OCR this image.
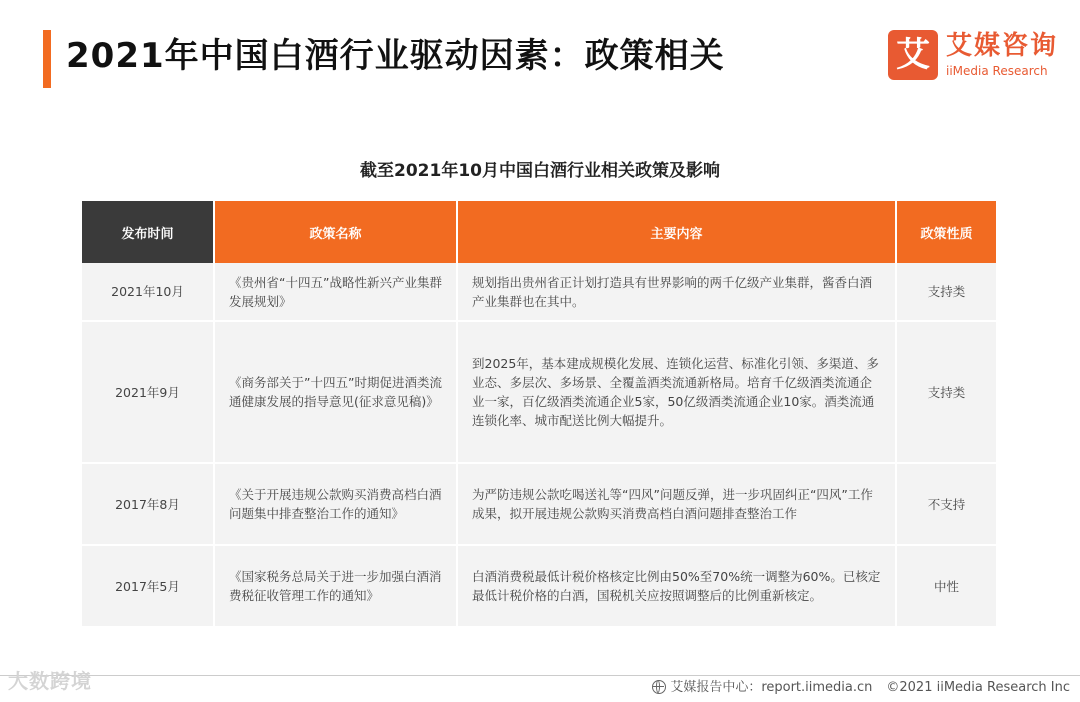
2021年中国白酒行业驱动因素：政策相关	艾 艾媒咨询
iiMedia Research
截至2021年10月中国白酒行业相关政策及影响
发布时间	政策名称	主要内容	政策性质
2021年10月	《贵州省“十四五”战略性新兴产业集群发展规划》	规划指出贵州省正计划打造具有世界影响的两千亿级产业集群，酱香白酒产业集群也在其中。	支持类
2021年9月	《商务部关于”十四五”时期促进酒类流通健康发展的指导意见(征求意见稿)》	到2025年，基本建成规模化发展、连锁化运营、标准化引领、多渠道、多业态、多层次、多场景、全覆盖酒类流通新格局。培育千亿级酒类流通企业一家，百亿级酒类流通企业5家，50亿级酒类流通企业10家。酒类流通连锁化率、城市配送比例大幅提升。	支持类
2017年8月	《关于开展违规公款购买消费高档白酒问题集中排查整治工作的通知》	为严防违规公款吃喝送礼等“四风”问题反弹，进一步巩固纠正“四风”工作成果，拟开展违规公款购买消费高档白酒问题排查整治工作	不支持
2017年5月	《国家税务总局关于进一步加强白酒消费税征收管理工作的通知》	白酒消费税最低计税价格核定比例由50%至70%统一调整为60%。已核定最低计税价格的白酒，国税机关应按照调整后的比例重新核定。	中性
大数跨境	艾媒报告中心：report.iimedia.cn ©2021 iiMedia Research Inc
